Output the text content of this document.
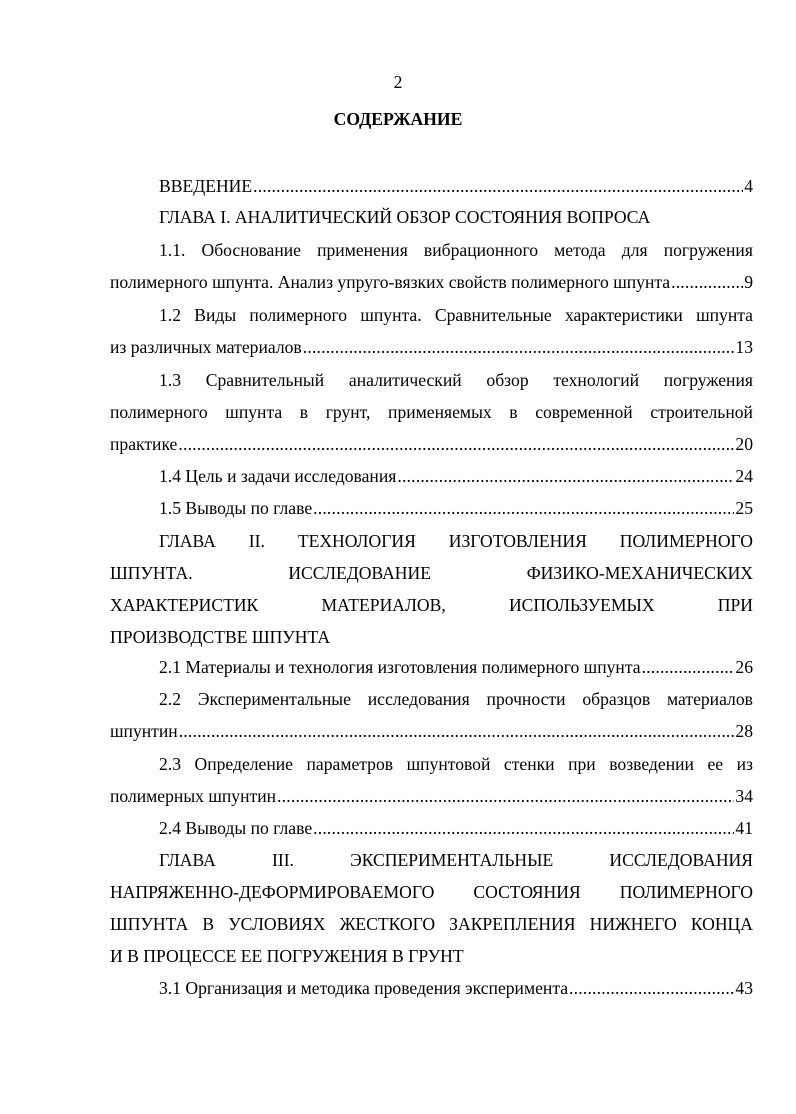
2
СОДЕРЖАНИЕ
ВВЕДЕНИЕ .....	4
ГЛАВА I. АНАЛИТИЧЕСКИЙ ОБЗОР СОСТОЯНИЯ ВОПРОСА
1.1. Обоснование применения вибрационного метода для погружения
полимерного шпунта. Анализ упруго-вязких свойств полимерного шпунта .....	9
1.2 Виды полимерного шпунта. Сравнительные характеристики шпунта
из различных материалов .....	13
1.3 Сравнительный аналитический обзор технологий погружения
полимерного шпунта в грунт, применяемых в современной строительной
практике .....	20
1.4 Цель и задачи исследования .....	24
1.5 Выводы по главе .....	25
ГЛАВА II. ТЕХНОЛОГИЯ ИЗГОТОВЛЕНИЯ ПОЛИМЕРНОГО
ШПУНТА.	ИССЛЕДОВАНИЕ	ФИЗИКО-МЕХАНИЧЕСКИХ
ХАРАКТЕРИСТИК	МАТЕРИАЛОВ,	ИСПОЛЬЗУЕМЫХ	ПРИ
ПРОИЗВОДСТВЕ ШПУНТА
2.1 Материалы и технология изготовления полимерного шпунта .....	26
2.2 Экспериментальные исследования прочности образцов материалов
шпунтин .....	28
2.3 Определение параметров шпунтовой стенки при возведении ее из
полимерных шпунтин .....	34
2.4 Выводы по главе .....	41
ГЛАВА	III.	ЭКСПЕРИМЕНТАЛЬНЫЕ	ИССЛЕДОВАНИЯ
НАПРЯЖЕННО-ДЕФОРМИРОВАЕМОГО СОСТОЯНИЯ ПОЛИМЕРНОГО
ШПУНТА В УСЛОВИЯХ ЖЕСТКОГО ЗАКРЕПЛЕНИЯ НИЖНЕГО КОНЦА
И В ПРОЦЕССЕ ЕЕ ПОГРУЖЕНИЯ В ГРУНТ
3.1 Организация и методика проведения эксперимента .....	43
